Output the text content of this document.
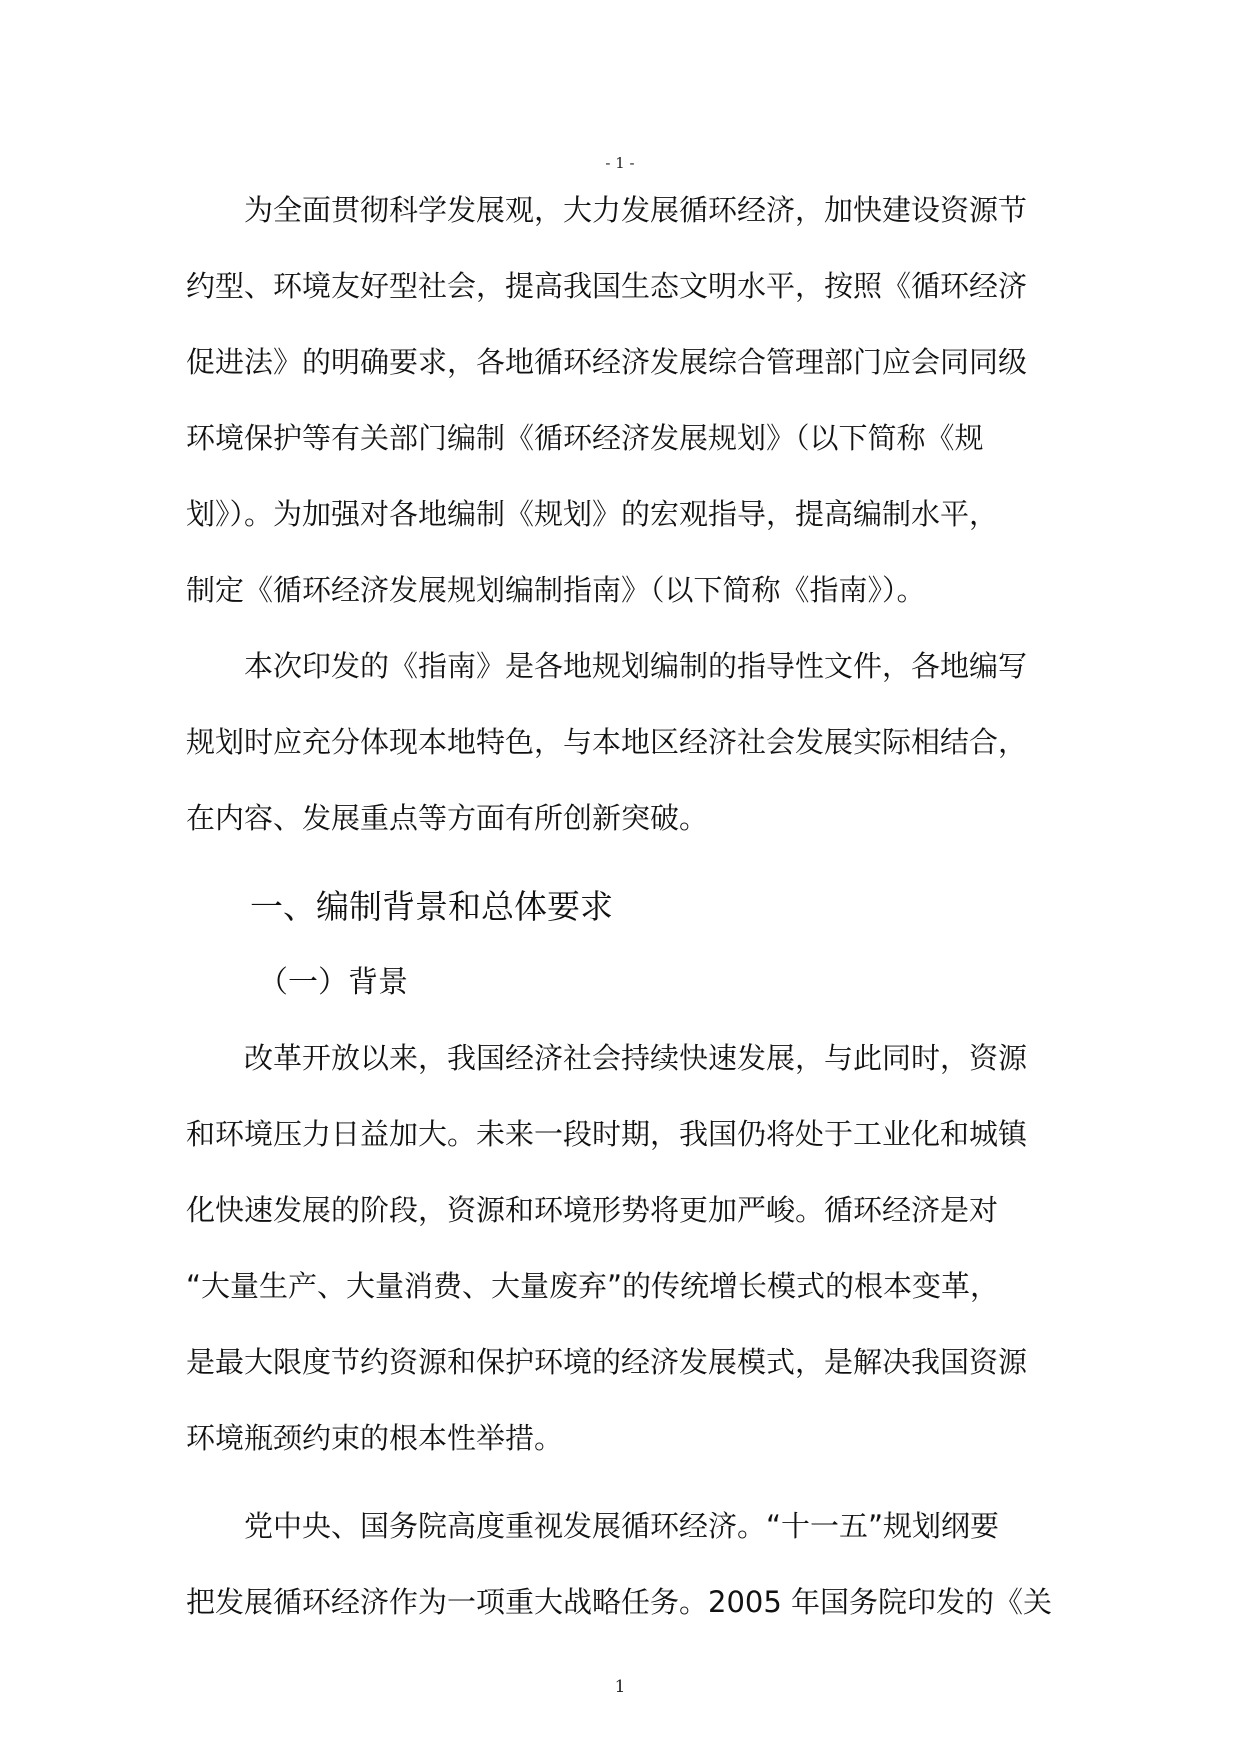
- 1 -
为全面贯彻科学发展观，大力发展循环经济，加快建设资源节
约型、环境友好型社会，提高我国生态文明水平，按照《循环经济
促进法》的明确要求，各地循环经济发展综合管理部门应会同同级
环境保护等有关部门编制《循环经济发展规划》（以下简称《规
划》）。为加强对各地编制《规划》的宏观指导，提高编制水平，
制定《循环经济发展规划编制指南》（以下简称《指南》）。
本次印发的《指南》是各地规划编制的指导性文件，各地编写
规划时应充分体现本地特色，与本地区经济社会发展实际相结合，
在内容、发展重点等方面有所创新突破。
一、编制背景和总体要求
（一）背景
改革开放以来，我国经济社会持续快速发展，与此同时，资源
和环境压力日益加大。未来一段时期，我国仍将处于工业化和城镇
化快速发展的阶段，资源和环境形势将更加严峻。循环经济是对
“大量生产、大量消费、大量废弃”的传统增长模式的根本变革，
是最大限度节约资源和保护环境的经济发展模式，是解决我国资源
环境瓶颈约束的根本性举措。
党中央、国务院高度重视发展循环经济。“十一五”规划纲要
把发展循环经济作为一项重大战略任务。2005 年国务院印发的《关
1
